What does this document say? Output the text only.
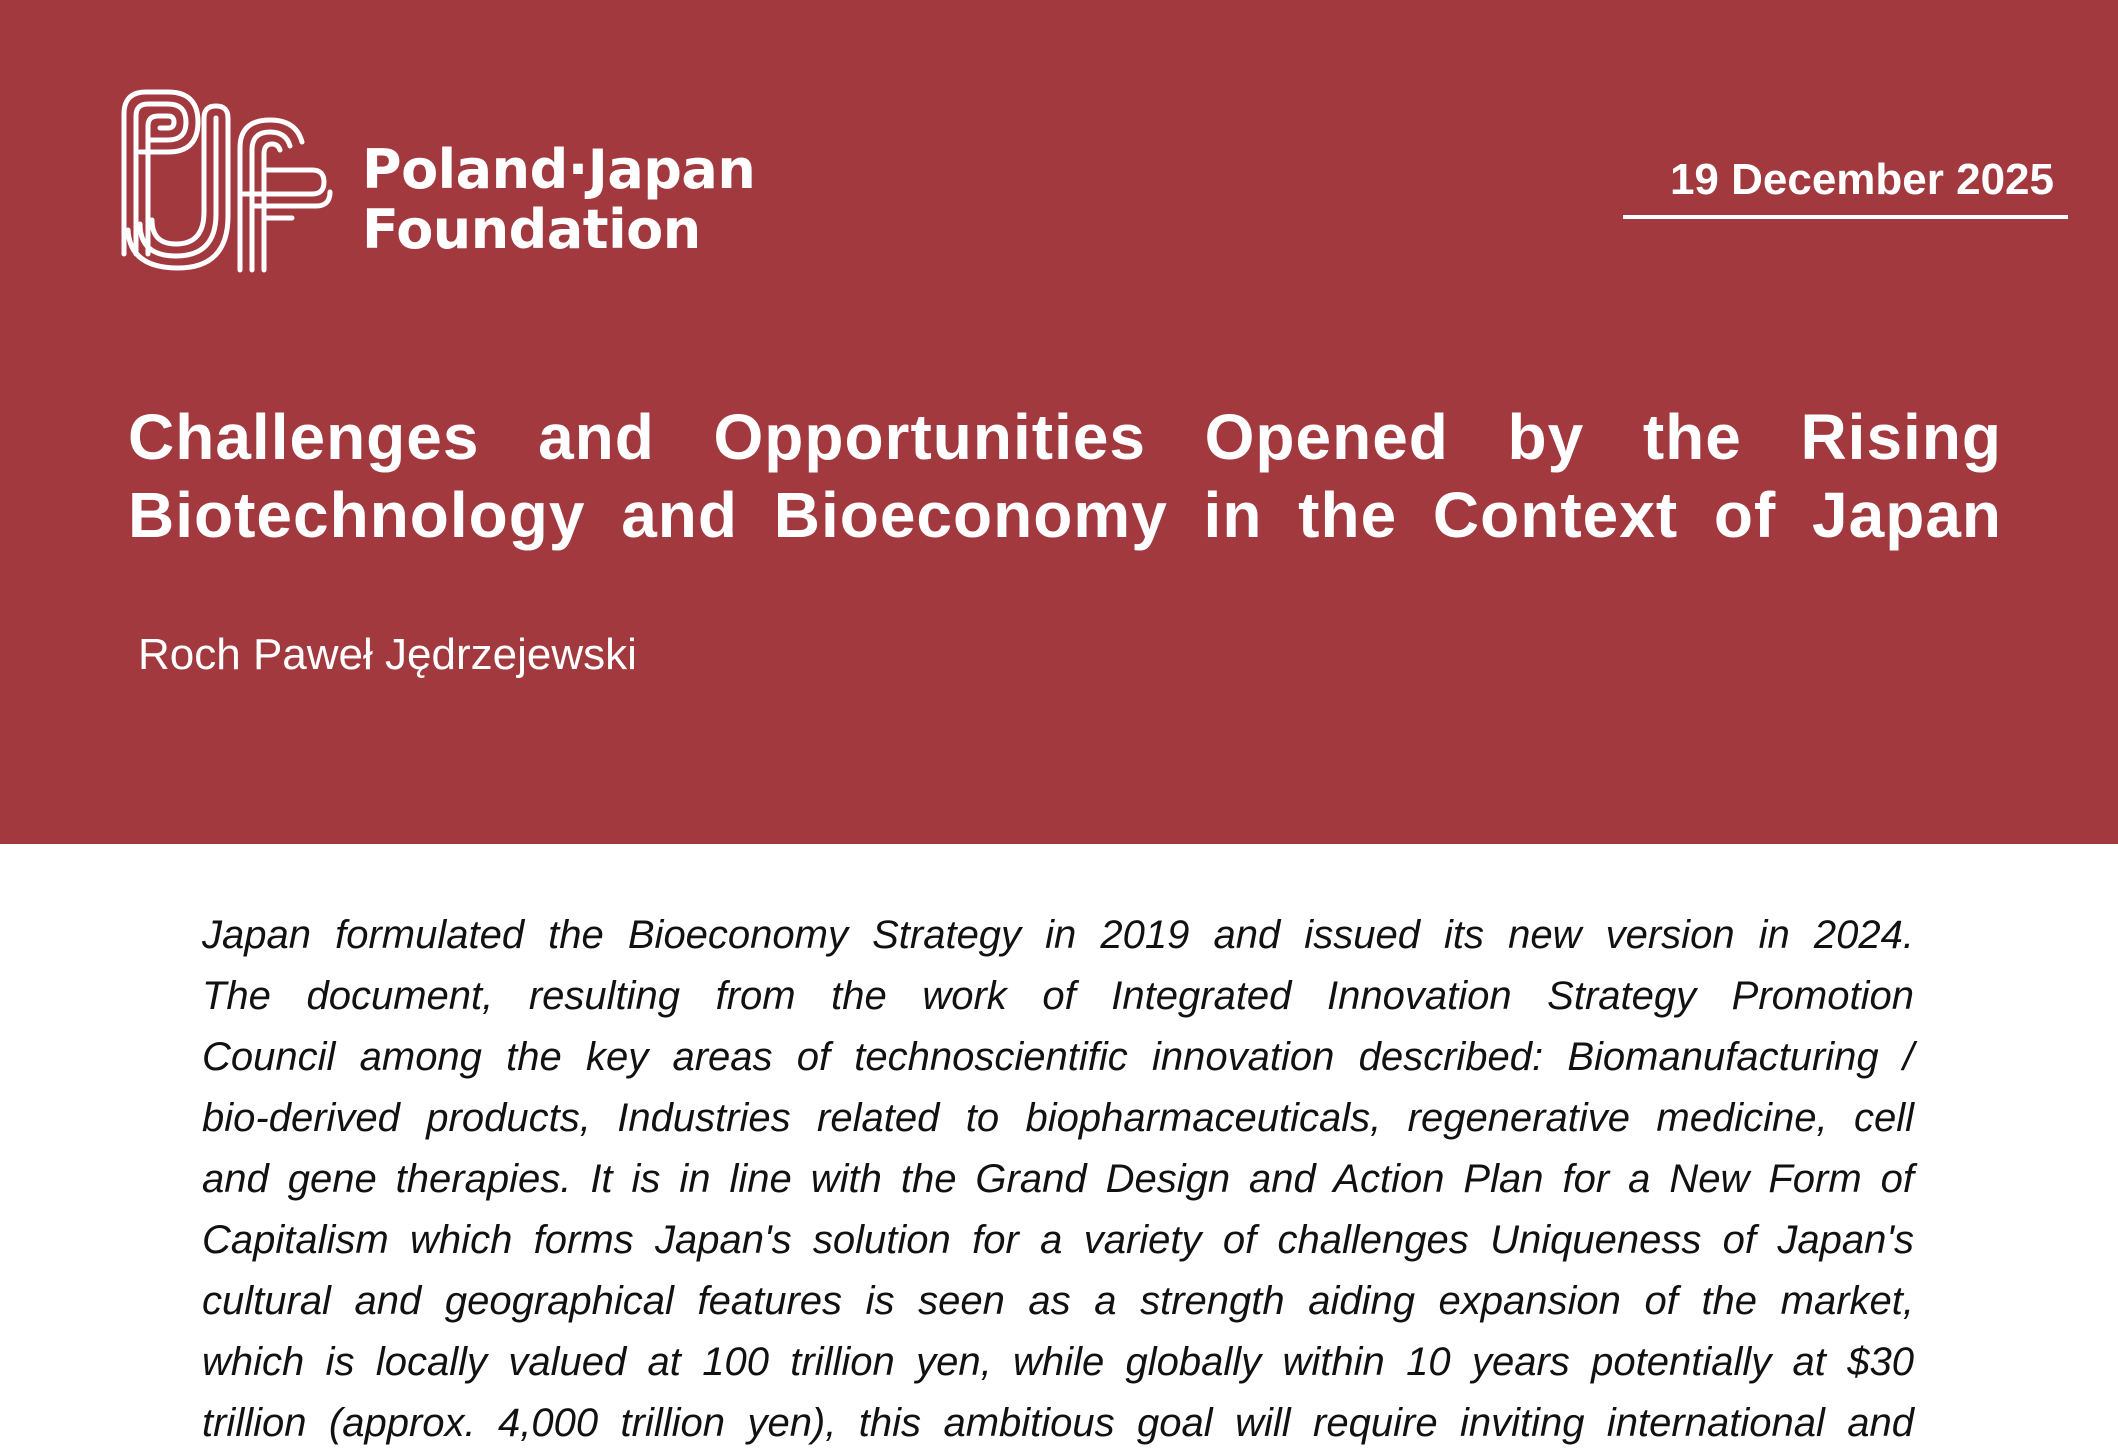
Poland·Japan
Foundation
19 December 2025
Challenges and Opportunities Opened by the Rising
Biotechnology and Bioeconomy in the Context of Japan
Roch Paweł Jędrzejewski
Japan formulated the Bioeconomy Strategy in 2019 and issued its new version in 2024.
The document, resulting from the work of Integrated Innovation Strategy Promotion
Council among the key areas of technoscientific innovation described: Biomanufacturing /
bio-derived products, Industries related to biopharmaceuticals, regenerative medicine, cell
and gene therapies. It is in line with the Grand Design and Action Plan for a New Form of
Capitalism which forms Japan's solution for a variety of challenges Uniqueness of Japan's
cultural and geographical features is seen as a strength aiding expansion of the market,
which is locally valued at 100 trillion yen, while globally within 10 years potentially at $30
trillion (approx. 4,000 trillion yen), this ambitious goal will require inviting international and
